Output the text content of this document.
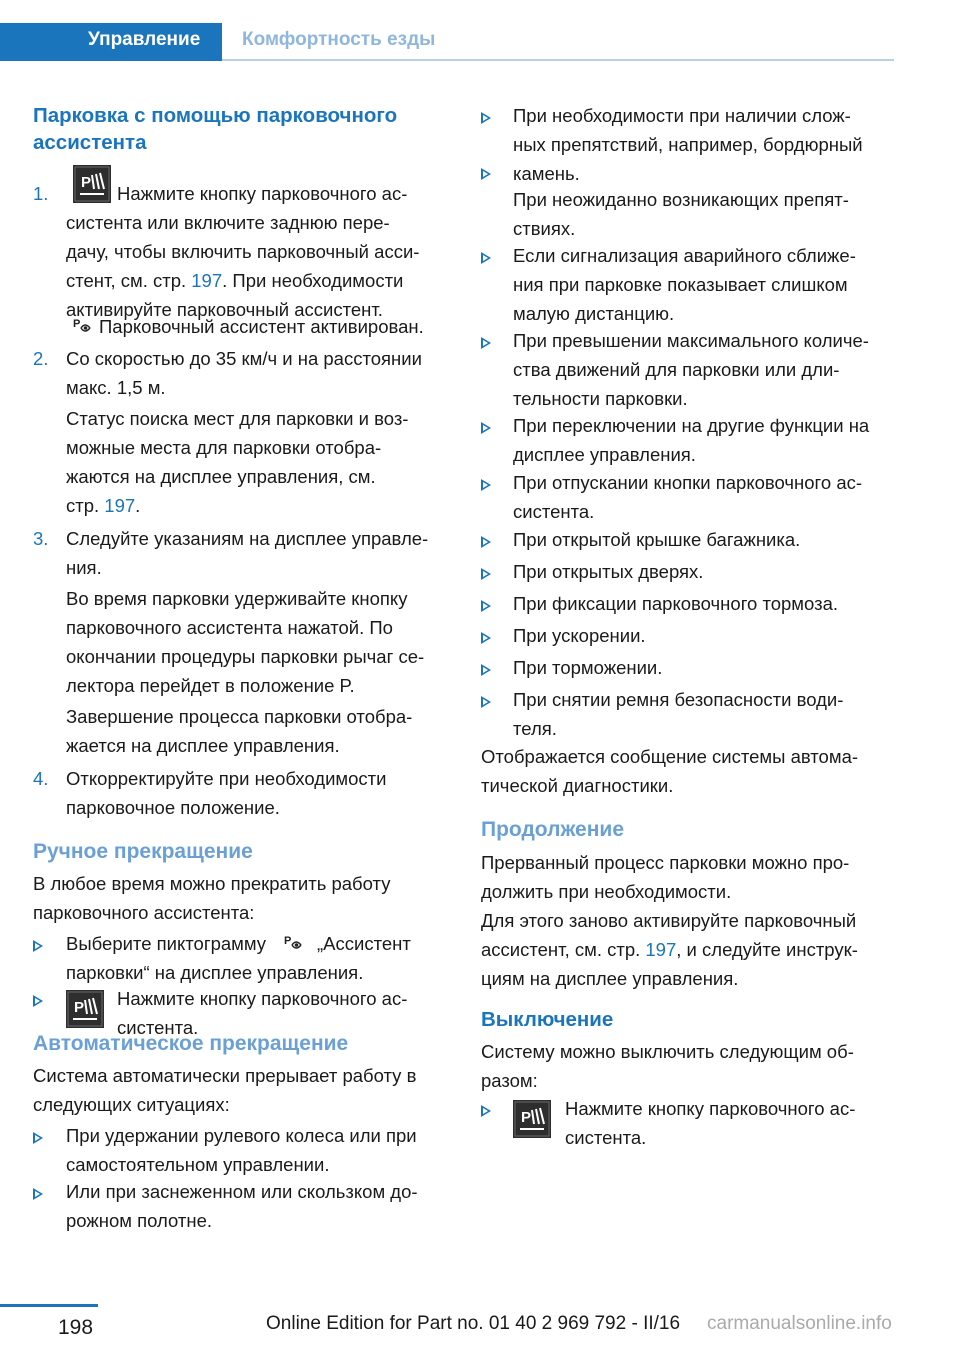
Управление Комфортность езды
Парковка с помощью парковочного
ассистента
1.
P
Нажмите кнопку парковочного ас-
систента или включите заднюю пере-
дачу, чтобы включить парковочный асси-
стент, см. стр. 197. При необходимости
активируйте парковочный ассистент.
P Парковочный ассистент активирован.
2. Со скоростью до 35 км/ч и на расстоянии
макс. 1,5 м.
Статус поиска мест для парковки и воз-
можные места для парковки отобра-
жаются на дисплее управления, см.
стр. 197.
3. Следуйте указаниям на дисплее управле-
ния.
Во время парковки удерживайте кнопку
парковочного ассистента нажатой. По
окончании процедуры парковки рычаг се-
лектора перейдет в положение P.
Завершение процесса парковки отобра-
жается на дисплее управления.
4. Откорректируйте при необходимости
парковочное положение.
Ручное прекращение
В любое время можно прекратить работу
парковочного ассистента:
Выберите пиктограмму P „Ассистент
парковки“ на дисплее управления.
P Нажмите кнопку парковочного ас-
систента.
Автоматическое прекращение
Система автоматически прерывает работу в
следующих ситуациях:
При удержании рулевого колеса или при
самостоятельном управлении.
Или при заснеженном или скользком до-
рожном полотне.
При необходимости при наличии слож-
ных препятствий, например, бордюрный
камень.
При неожиданно возникающих препят-
ствиях.
Если сигнализация аварийного сближе-
ния при парковке показывает слишком
малую дистанцию.
При превышении максимального количе-
ства движений для парковки или дли-
тельности парковки.
При переключении на другие функции на
дисплее управления.
При отпускании кнопки парковочного ас-
систента.
При открытой крышке багажника.
При открытых дверях.
При фиксации парковочного тормоза.
При ускорении.
При торможении.
При снятии ремня безопасности води-
теля.
Отображается сообщение системы автома-
тической диагностики.
Продолжение
Прерванный процесс парковки можно про-
должить при необходимости.
Для этого заново активируйте парковочный
ассистент, см. стр. 197, и следуйте инструк-
циям на дисплее управления.
Выключение
Систему можно выключить следующим об-
разом:
P Нажмите кнопку парковочного ас-
систента.
198	Online Edition for Part no. 01 40 2 969 792 - II/16 carmanualsonline.info
